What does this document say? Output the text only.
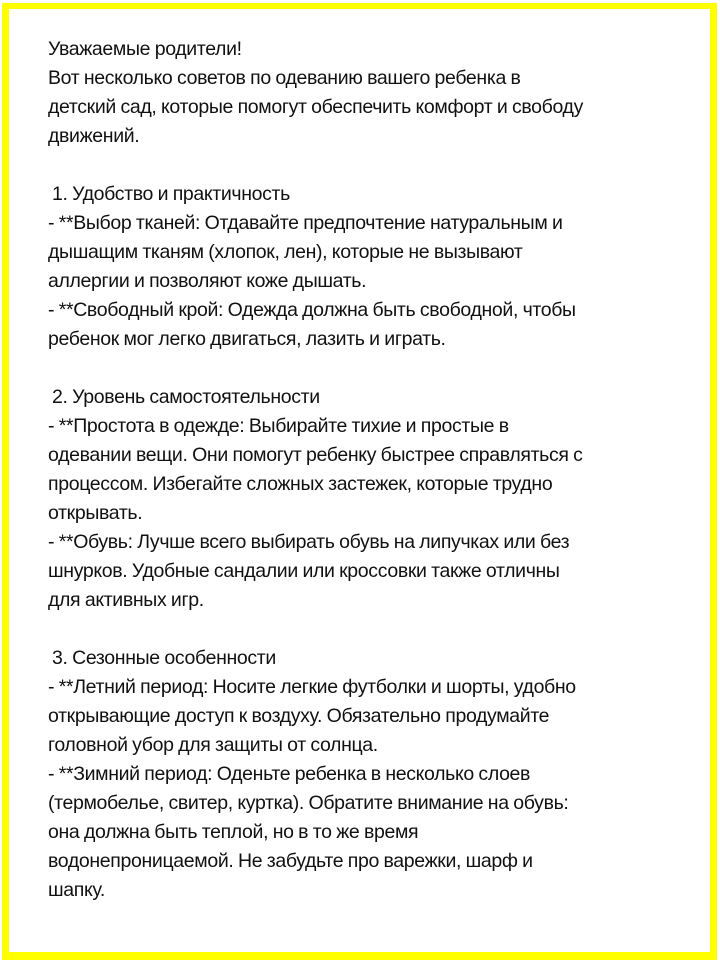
Уважаемые родители!
Вот несколько советов по одеванию вашего ребенка в
детский сад, которые помогут обеспечить комфорт и свободу
движений.
1. Удобство и практичность
- **Выбор тканей: Отдавайте предпочтение натуральным и
дышащим тканям (хлопок, лен), которые не вызывают
аллергии и позволяют коже дышать.
- **Свободный крой: Одежда должна быть свободной, чтобы
ребенок мог легко двигаться, лазить и играть.
2. Уровень самостоятельности
- **Простота в одежде: Выбирайте тихие и простые в
одевании вещи. Они помогут ребенку быстрее справляться с
процессом. Избегайте сложных застежек, которые трудно
открывать.
- **Обувь: Лучше всего выбирать обувь на липучках или без
шнурков. Удобные сандалии или кроссовки также отличны
для активных игр.
3. Сезонные особенности
- **Летний период: Носите легкие футболки и шорты, удобно
открывающие доступ к воздуху. Обязательно продумайте
головной убор для защиты от солнца.
- **Зимний период: Оденьте ребенка в несколько слоев
(термобелье, свитер, куртка). Обратите внимание на обувь:
она должна быть теплой, но в то же время
водонепроницаемой. Не забудьте про варежки, шарф и
шапку.
